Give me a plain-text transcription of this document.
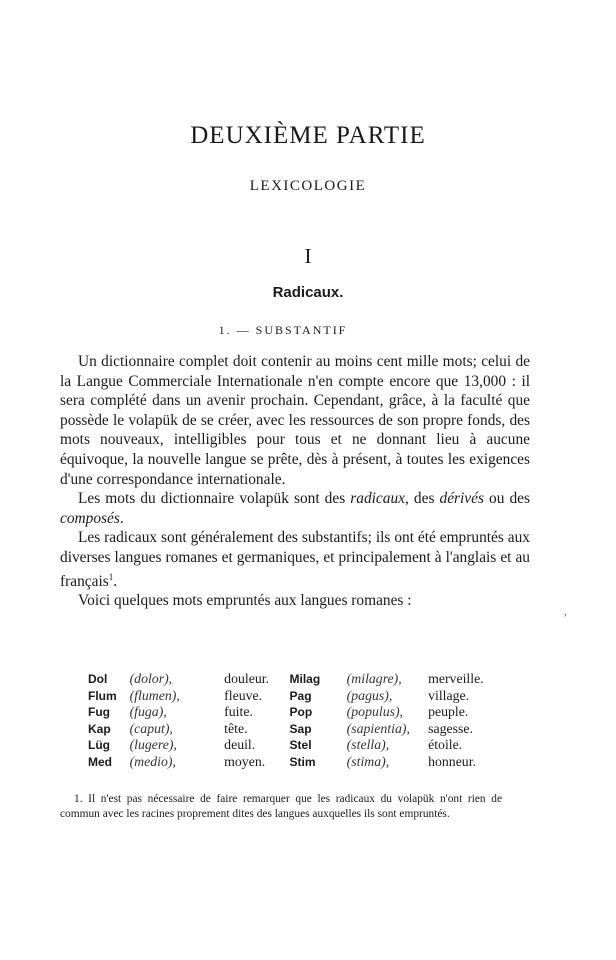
DEUXIÈME PARTIE
LEXICOLOGIE
I
Radicaux.
1. — SUBSTANTIF

Un dictionnaire complet doit contenir au moins cent mille mots; celui de la Langue Commerciale Internationale n'en compte encore que 13,000 : il sera complété dans un avenir prochain. Cependant, grâce, à la faculté que possède le volapük de se créer, avec les ressources de son propre fonds, des mots nouveaux, intelligibles pour tous et ne donnant lieu à aucune équivoque, la nouvelle langue se prête, dès à présent, à toutes les exigences d'une correspondance internationale.

Les mots du dictionnaire volapük sont des radicaux, des dérivés ou des composés.

Les radicaux sont généralement des substantifs; ils ont été empruntés aux diverses langues romanes et germaniques, et principalement à l'anglais et au français$^1$.

Voici quelques mots empruntés aux langues romanes :

Dol	(dolor),	douleur.	Milag	(milagre),	merveille.
Flum	(flumen),	fleuve.	Pag	(pagus),	village.
Fug	(fuga),	fuite.	Pop	(populus),	peuple.
Kap	(caput),	tête.	Sap	(sapientia),	sagesse.
Lüg	(lugere),	deuil.	Stel	(stella),	étoile.
Med	(medio),	moyen.	Stim	(stima),	honneur.
,

1. Il n'est pas nécessaire de faire remarquer que les radicaux du volapük n'ont rien de commun avec les racines proprement dites des langues auxquelles ils sont empruntés.
